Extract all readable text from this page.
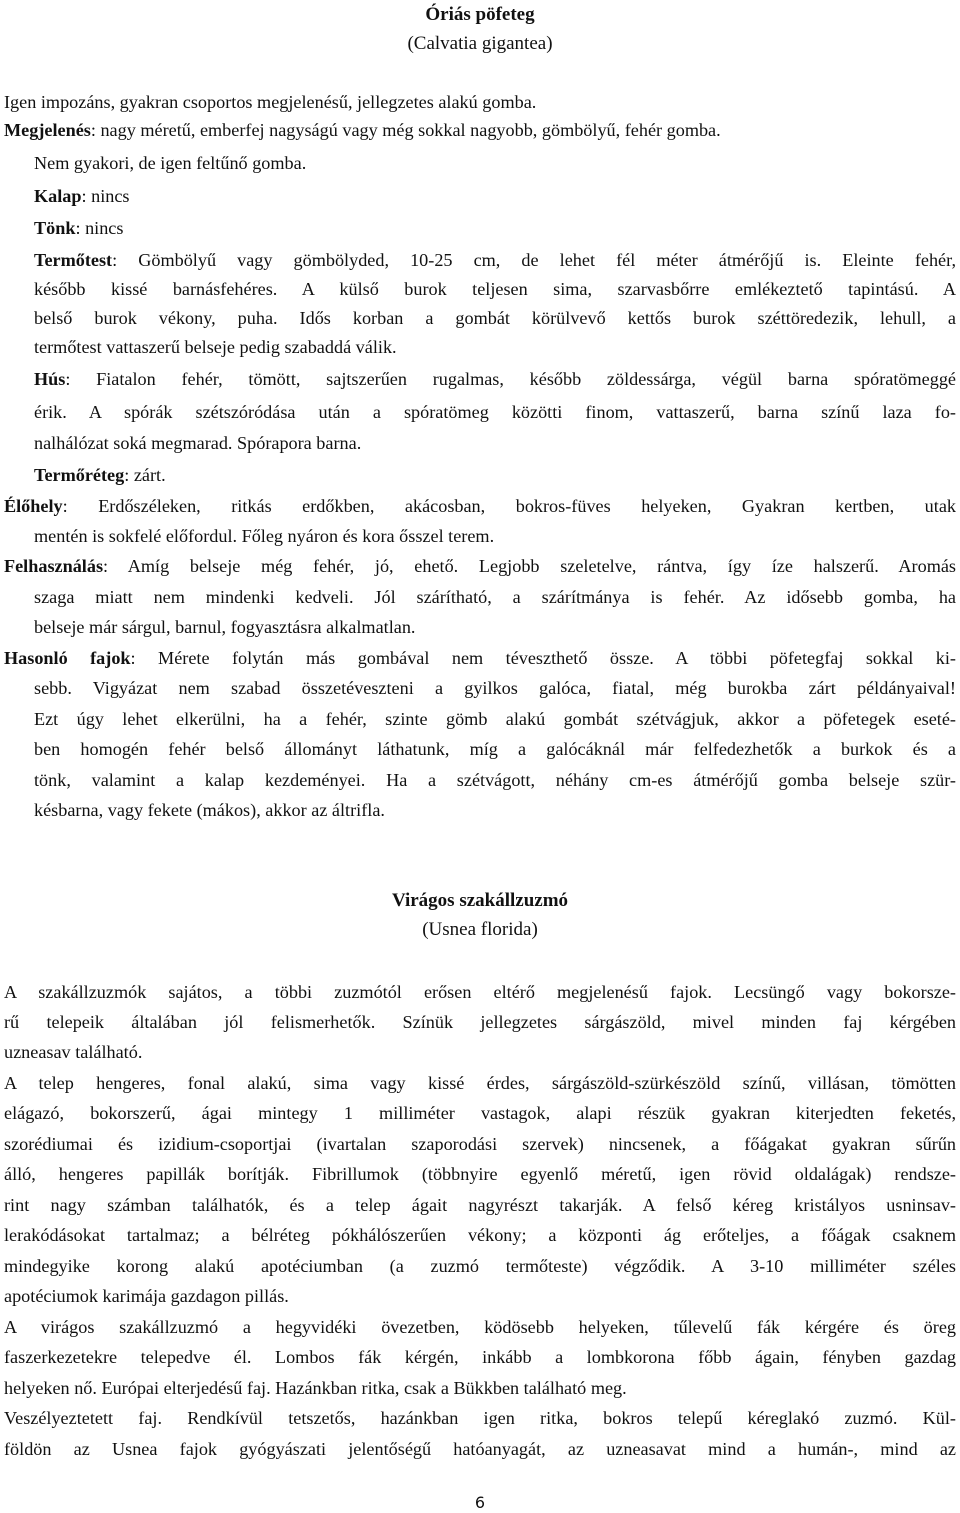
Óriás pöfeteg
(Calvatia gigantea)
Igen impozáns, gyakran csoportos megjelenésű, jellegzetes alakú gomba.
Megjelenés: nagy méretű, emberfej nagyságú vagy még sokkal nagyobb, gömbölyű, fehér gomba.
Nem gyakori, de igen feltűnő gomba.
Kalap: nincs
Tönk: nincs
Termőtest: Gömbölyű vagy gömbölyded, 10-25 cm, de lehet fél méter átmérőjű is. Eleinte fehér,
később kissé barnásfehéres. A külső burok teljesen sima, szarvasbőrre emlékeztető tapintású. A
belső burok vékony, puha. Idős korban a gombát körülvevő kettős burok széttöredezik, lehull, a
termőtest vattaszerű belseje pedig szabaddá válik.
Hús: Fiatalon fehér, tömött, sajtszerűen rugalmas, később zöldessárga, végül barna spóratömeggé
érik. A spórák szétszóródása után a spóratömeg közötti finom, vattaszerű, barna színű laza fo-
nalhálózat soká megmarad. Spórapora barna.
Termőréteg: zárt.
Élőhely: Erdőszéleken, ritkás erdőkben, akácosban, bokros-füves helyeken, Gyakran kertben, utak
mentén is sokfelé előfordul. Főleg nyáron és kora ősszel terem.
Felhasználás: Amíg belseje még fehér, jó, ehető. Legjobb szeletelve, rántva, így íze halszerű. Aromás
szaga miatt nem mindenki kedveli. Jól szárítható, a szárítmánya is fehér. Az idősebb gomba, ha
belseje már sárgul, barnul, fogyasztásra alkalmatlan.
Hasonló fajok: Mérete folytán más gombával nem téveszthető össze. A többi pöfetegfaj sokkal ki-
sebb. Vigyázat nem szabad összetéveszteni a gyilkos galóca, fiatal, még burokba zárt példányaival!
Ezt úgy lehet elkerülni, ha a fehér, szinte gömb alakú gombát szétvágjuk, akkor a pöfetegek eseté-
ben homogén fehér belső állományt láthatunk, míg a galócáknál már felfedezhetők a burkok és a
tönk, valamint a kalap kezdeményei. Ha a szétvágott, néhány cm-es átmérőjű gomba belseje szür-
késbarna, vagy fekete (mákos), akkor az áltrifla.
Virágos szakállzuzmó
(Usnea florida)
A szakállzuzmók sajátos, a többi zuzmótól erősen eltérő megjelenésű fajok. Lecsüngő vagy bokorsze-
rű telepeik általában jól felismerhetők. Színük jellegzetes sárgászöld, mivel minden faj kérgében
uzneasav található.
A telep hengeres, fonal alakú, sima vagy kissé érdes, sárgászöld-szürkészöld színű, villásan, tömötten
elágazó, bokorszerű, ágai mintegy 1 milliméter vastagok, alapi részük gyakran kiterjedten feketés,
szorédiumai és izidium-csoportjai (ivartalan szaporodási szervek) nincsenek, a főágakat gyakran sűrűn
álló, hengeres papillák borítják. Fibrillumok (többnyire egyenlő méretű, igen rövid oldalágak) rendsze-
rint nagy számban találhatók, és a telep ágait nagyrészt takarják. A felső kéreg kristályos usninsav-
lerakódásokat tartalmaz; a bélréteg pókhálószerűen vékony; a központi ág erőteljes, a főágak csaknem
mindegyike korong alakú apotéciumban (a zuzmó termőteste) végződik. A 3-10 milliméter széles
apotéciumok karimája gazdagon pillás.
A virágos szakállzuzmó a hegyvidéki övezetben, ködösebb helyeken, tűlevelű fák kérgére és öreg
faszerkezetekre telepedve él. Lombos fák kérgén, inkább a lombkorona főbb ágain, fényben gazdag
helyeken nő. Európai elterjedésű faj. Hazánkban ritka, csak a Bükkben található meg.
Veszélyeztetett faj. Rendkívül tetszetős, hazánkban igen ritka, bokros telepű kéreglakó zuzmó. Kül-
földön az Usnea fajok gyógyászati jelentőségű hatóanyagát, az uzneasavat mind a humán-, mind az
6
